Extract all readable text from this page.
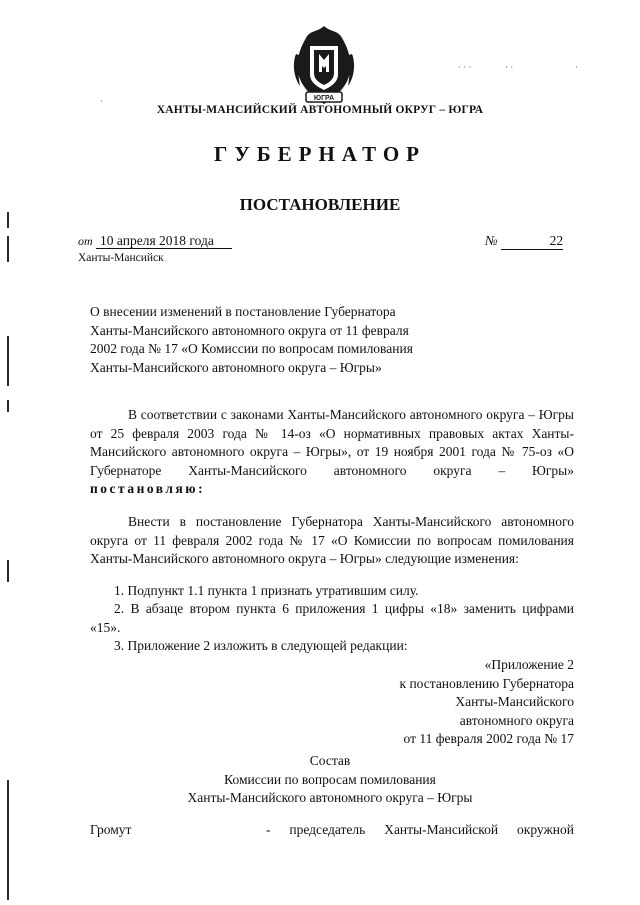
·
· · ·	· ·	·
ЮГРА
ХАНТЫ-МАНСИЙСКИЙ АВТОНОМНЫЙ ОКРУГ – ЮГРА
ГУБЕРНАТОР
ПОСТАНОВЛЕНИЕ
от 10 апреля 2018 года	№	22
Ханты-Мансийск
О внесении изменений в постановление Губернатора
Ханты-Мансийского автономного округа от 11 февраля
2002 года № 17 «О Комиссии по вопросам помилования
Ханты-Мансийского автономного округа – Югры»
В соответствии с законами Ханты-Мансийского автономного округа – Югры от 25 февраля 2003 года № 14-оз «О нормативных правовых актах Ханты-Мансийского автономного округа – Югры», от 19 ноября 2001 года № 75-оз «О Губернаторе Ханты-Мансийского автономного округа – Югры» постановляю:
Внести в постановление Губернатора Ханты-Мансийского автономного округа от 11 февраля 2002 года № 17 «О Комиссии по вопросам помилования Ханты-Мансийского автономного округа – Югры» следующие изменения:
1. Подпункт 1.1 пункта 1 признать утратившим силу.
2. В абзаце втором пункта 6 приложения 1 цифры «18» заменить цифрами «15».
3. Приложение 2 изложить в следующей редакции:
«Приложение 2
к постановлению Губернатора
Ханты-Мансийского
автономного округа
от 11 февраля 2002 года № 17
Состав
Комиссии по вопросам помилования
Ханты-Мансийского автономного округа – Югры
Громут	- председатель Ханты-Мансийской окружной
